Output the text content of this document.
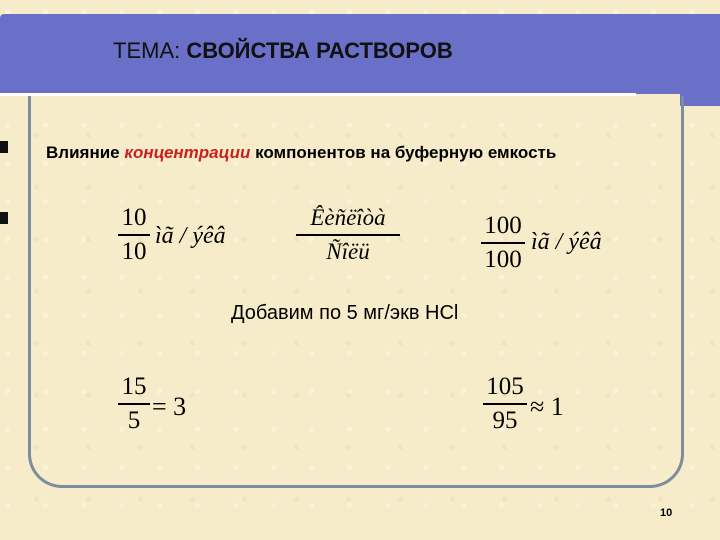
ТЕМА: СВОЙСТВА РАСТВОРОВ
Влияние концентрации компонентов на буферную емкость
10
10
ìã / ýêâ
Êèñëîòà
Ñîëü
100
100
ìã / ýêâ
Добавим по 5 мг/экв HCl
15
5 = 3
105
95 ≈ 1
10
